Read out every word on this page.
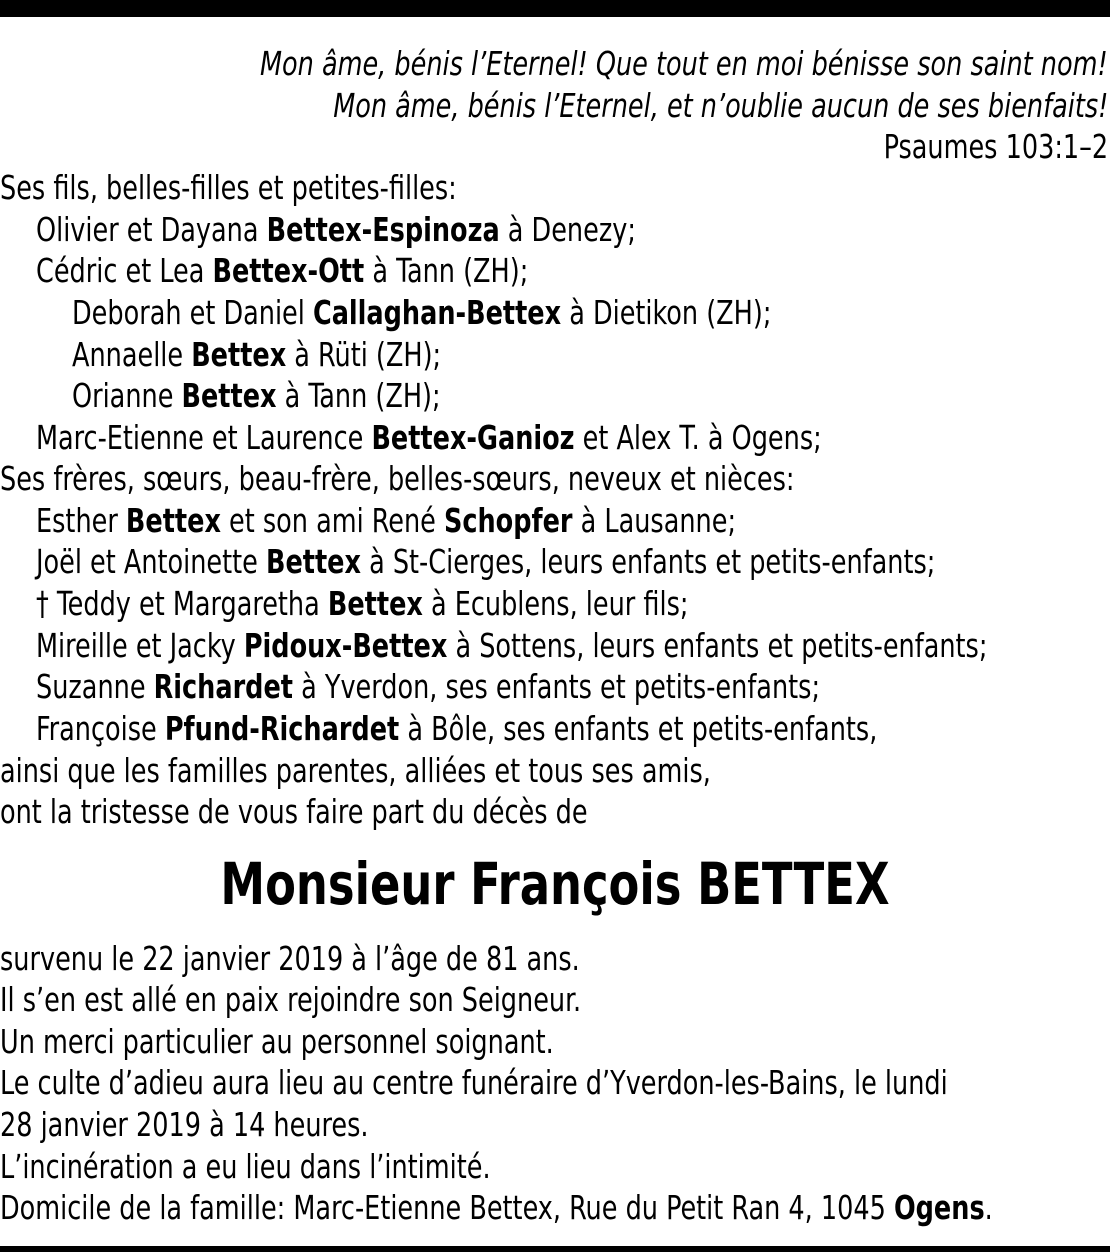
Mon âme, bénis l’Eternel! Que tout en moi bénisse son saint nom!
Mon âme, bénis l’Eternel, et n’oublie aucun de ses bienfaits!
Psaumes 103:1–2
Ses fils, belles-filles et petites-filles:
Olivier et Dayana Bettex-Espinoza à Denezy;
Cédric et Lea Bettex-Ott à Tann (ZH);
Deborah et Daniel Callaghan-Bettex à Dietikon (ZH);
Annaelle Bettex à Rüti (ZH);
Orianne Bettex à Tann (ZH);
Marc-Etienne et Laurence Bettex-Ganioz et Alex T. à Ogens;
Ses frères, sœurs, beau-frère, belles-sœurs, neveux et nièces:
Esther Bettex et son ami René Schopfer à Lausanne;
Joël et Antoinette Bettex à St-Cierges, leurs enfants et petits-enfants;
† Teddy et Margaretha Bettex à Ecublens, leur fils;
Mireille et Jacky Pidoux-Bettex à Sottens, leurs enfants et petits-enfants;
Suzanne Richardet à Yverdon, ses enfants et petits-enfants;
Françoise Pfund-Richardet à Bôle, ses enfants et petits-enfants,
ainsi que les familles parentes, alliées et tous ses amis,
ont la tristesse de vous faire part du décès de
Monsieur François BETTEX
survenu le 22 janvier 2019 à l’âge de 81 ans.
Il s’en est allé en paix rejoindre son Seigneur.
Un merci particulier au personnel soignant.
Le culte d’adieu aura lieu au centre funéraire d’Yverdon-les-Bains, le lundi
28 janvier 2019 à 14 heures.
L’incinération a eu lieu dans l’intimité.
Domicile de la famille: Marc-Etienne Bettex, Rue du Petit Ran 4, 1045 Ogens.
